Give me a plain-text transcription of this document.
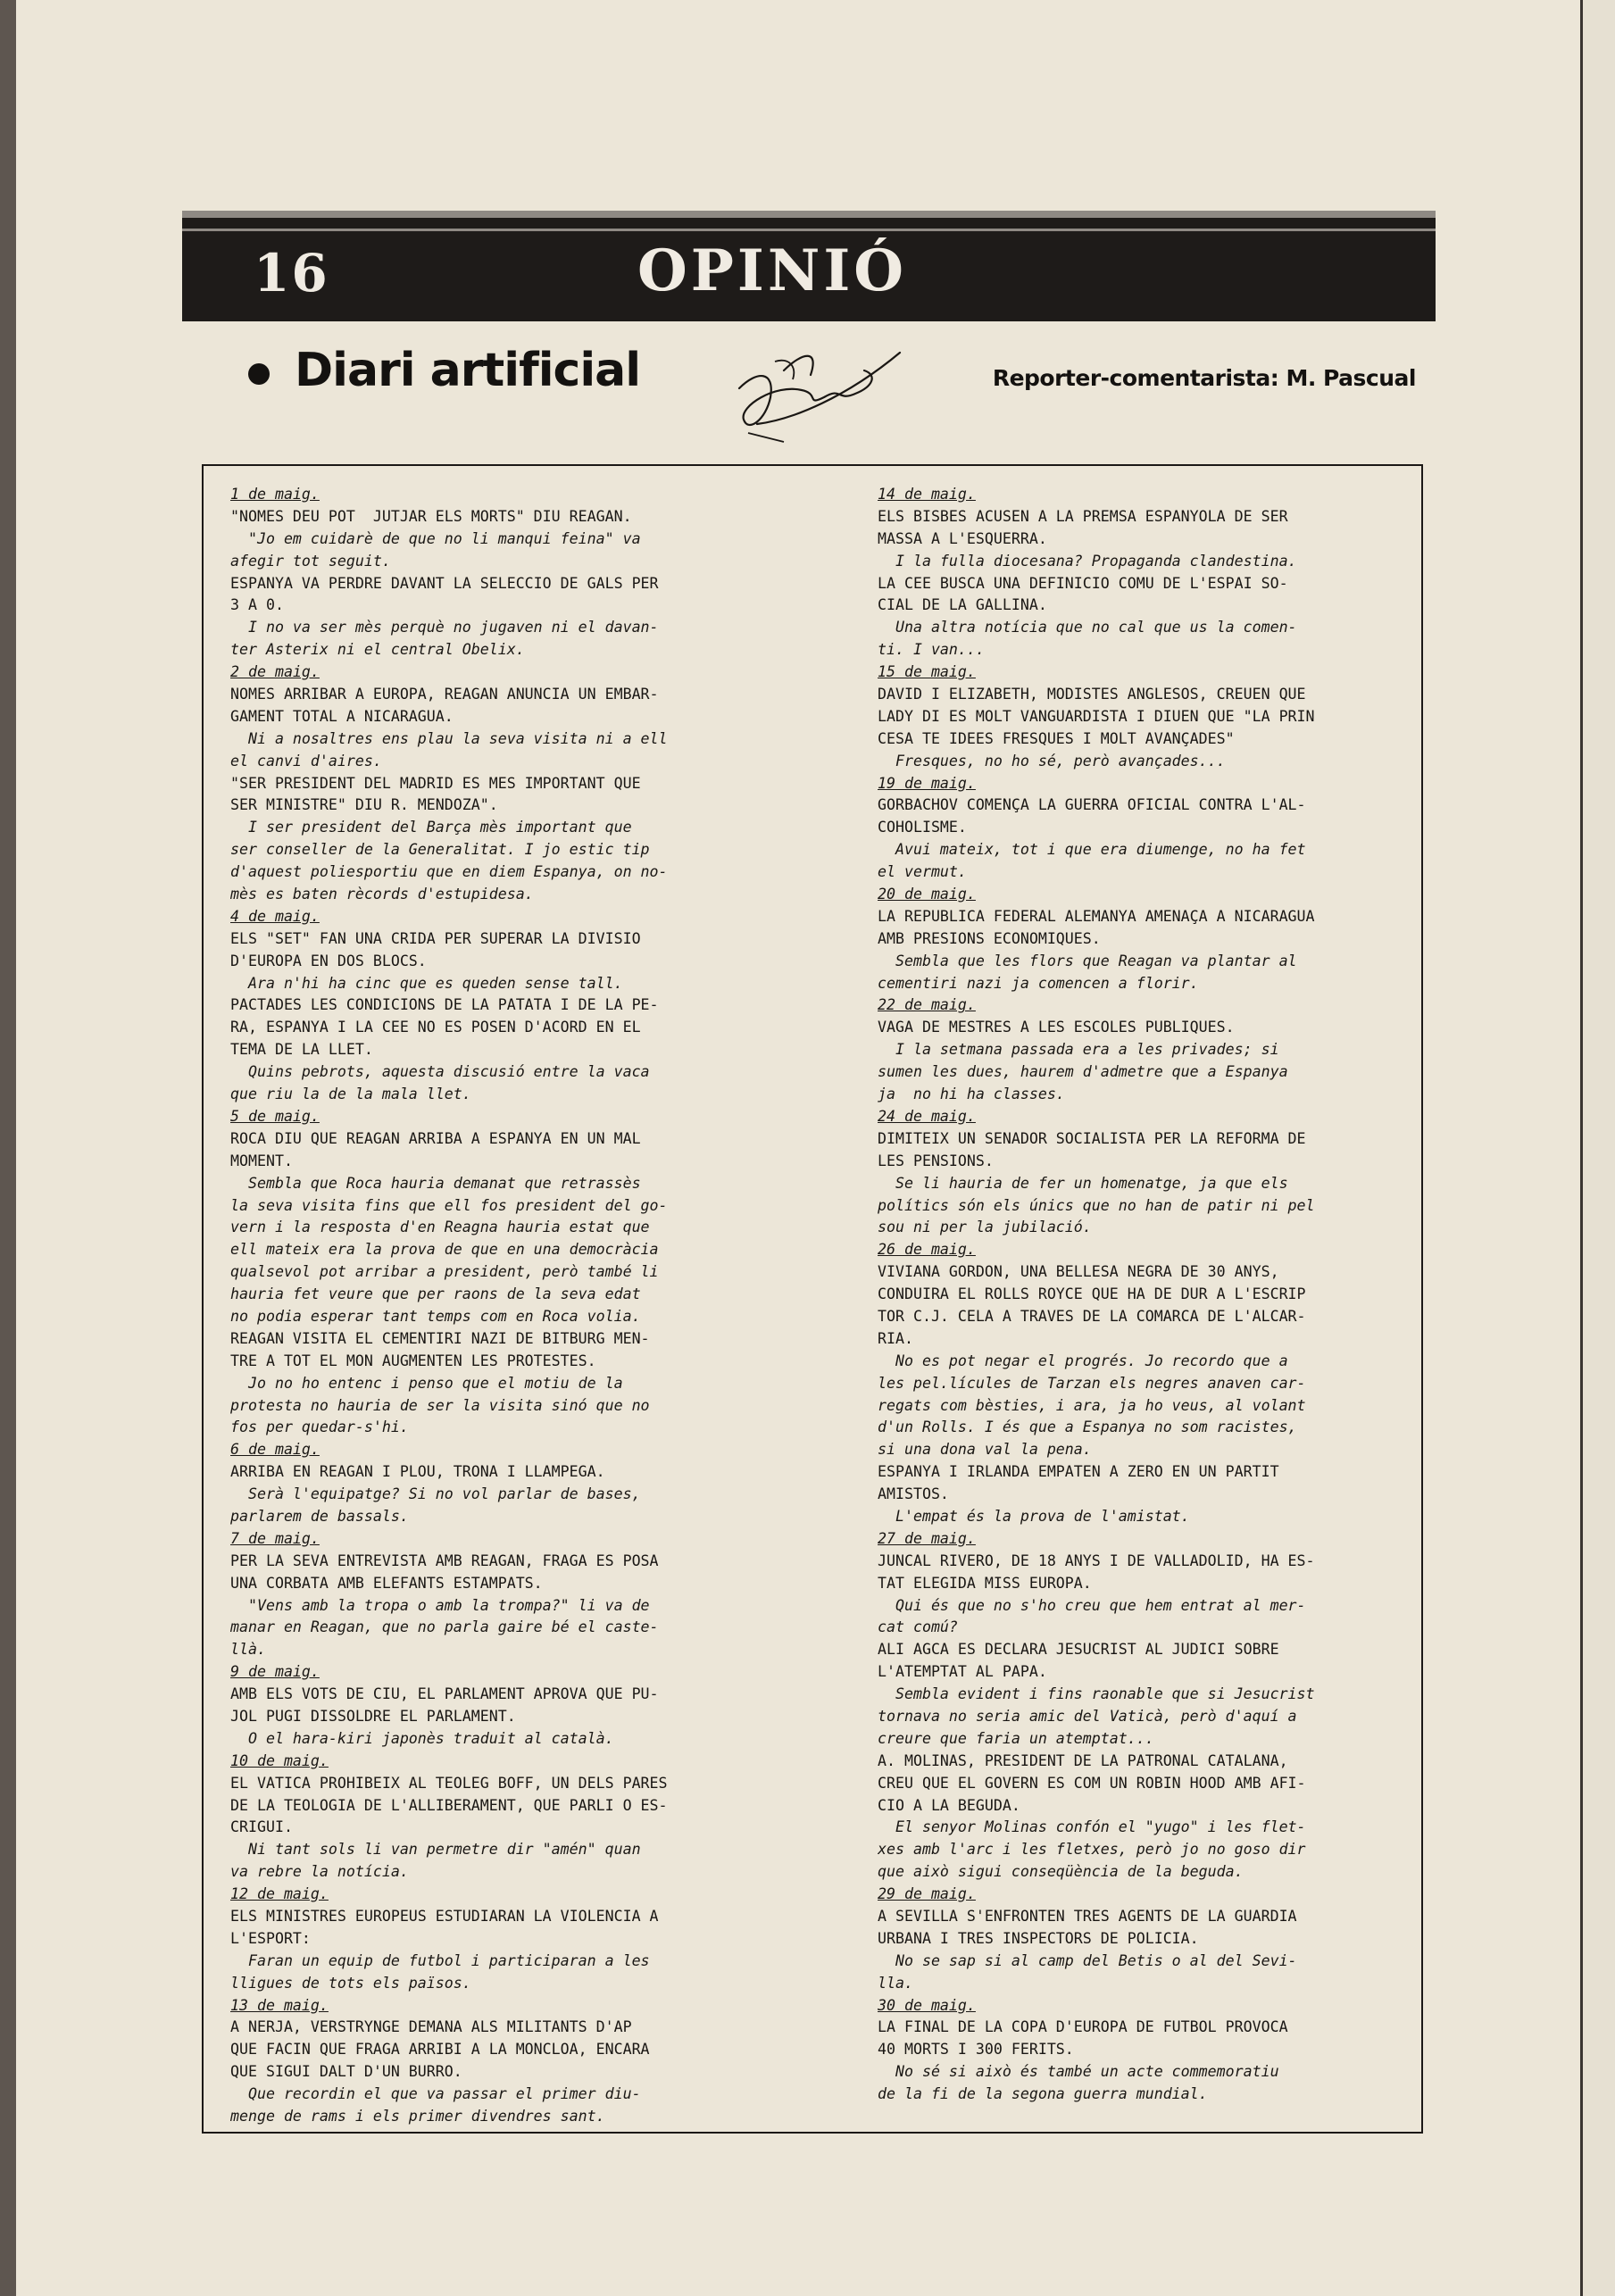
16	OPINIÓ
Diari artificial	Reporter-comentarista: M. Pascual
1 de maig.
"NOMES DEU POT  JUTJAR ELS MORTS" DIU REAGAN.
"Jo em cuidarè de que no li manqui feina" va
afegir tot seguit.
ESPANYA VA PERDRE DAVANT LA SELECCIO DE GALS PER
3 A 0.
I no va ser mès perquè no jugaven ni el davan-
ter Asterix ni el central Obelix.
2 de maig.
NOMES ARRIBAR A EUROPA, REAGAN ANUNCIA UN EMBAR-
GAMENT TOTAL A NICARAGUA.
Ni a nosaltres ens plau la seva visita ni a ell
el canvi d'aires.
"SER PRESIDENT DEL MADRID ES MES IMPORTANT QUE
SER MINISTRE" DIU R. MENDOZA".
I ser president del Barça mès important que
ser conseller de la Generalitat. I jo estic tip
d'aquest poliesportiu que en diem Espanya, on no-
mès es baten rècords d'estupidesa.
4 de maig.
ELS "SET" FAN UNA CRIDA PER SUPERAR LA DIVISIO
D'EUROPA EN DOS BLOCS.
Ara n'hi ha cinc que es queden sense tall.
PACTADES LES CONDICIONS DE LA PATATA I DE LA PE-
RA, ESPANYA I LA CEE NO ES POSEN D'ACORD EN EL
TEMA DE LA LLET.
Quins pebrots, aquesta discusió entre la vaca
que riu la de la mala llet.
5 de maig.
ROCA DIU QUE REAGAN ARRIBA A ESPANYA EN UN MAL
MOMENT.
Sembla que Roca hauria demanat que retrassès
la seva visita fins que ell fos president del go-
vern i la resposta d'en Reagna hauria estat que
ell mateix era la prova de que en una democràcia
qualsevol pot arribar a president, però també li
hauria fet veure que per raons de la seva edat
no podia esperar tant temps com en Roca volia.
REAGAN VISITA EL CEMENTIRI NAZI DE BITBURG MEN-
TRE A TOT EL MON AUGMENTEN LES PROTESTES.
Jo no ho entenc i penso que el motiu de la
protesta no hauria de ser la visita sinó que no
fos per quedar-s'hi.
6 de maig.
ARRIBA EN REAGAN I PLOU, TRONA I LLAMPEGA.
Serà l'equipatge? Si no vol parlar de bases,
parlarem de bassals.
7 de maig.
PER LA SEVA ENTREVISTA AMB REAGAN, FRAGA ES POSA
UNA CORBATA AMB ELEFANTS ESTAMPATS.
"Vens amb la tropa o amb la trompa?" li va de
manar en Reagan, que no parla gaire bé el caste-
llà.
9 de maig.
AMB ELS VOTS DE CIU, EL PARLAMENT APROVA QUE PU-
JOL PUGI DISSOLDRE EL PARLAMENT.
O el hara-kiri japonès traduit al català.
10 de maig.
EL VATICA PROHIBEIX AL TEOLEG BOFF, UN DELS PARES
DE LA TEOLOGIA DE L'ALLIBERAMENT, QUE PARLI O ES-
CRIGUI.
Ni tant sols li van permetre dir "amén" quan
va rebre la notícia.
12 de maig.
ELS MINISTRES EUROPEUS ESTUDIARAN LA VIOLENCIA A
L'ESPORT:
Faran un equip de futbol i participaran a les
lligues de tots els països.
13 de maig.
A NERJA, VERSTRYNGE DEMANA ALS MILITANTS D'AP
QUE FACIN QUE FRAGA ARRIBI A LA MONCLOA, ENCARA
QUE SIGUI DALT D'UN BURRO.
Que recordin el que va passar el primer diu-
menge de rams i els primer divendres sant.
14 de maig.
ELS BISBES ACUSEN A LA PREMSA ESPANYOLA DE SER
MASSA A L'ESQUERRA.
I la fulla diocesana? Propaganda clandestina.
LA CEE BUSCA UNA DEFINICIO COMU DE L'ESPAI SO-
CIAL DE LA GALLINA.
Una altra notícia que no cal que us la comen-
ti. I van...
15 de maig.
DAVID I ELIZABETH, MODISTES ANGLESOS, CREUEN QUE
LADY DI ES MOLT VANGUARDISTA I DIUEN QUE "LA PRIN
CESA TE IDEES FRESQUES I MOLT AVANÇADES"
Fresques, no ho sé, però avançades...
19 de maig.
GORBACHOV COMENÇA LA GUERRA OFICIAL CONTRA L'AL-
COHOLISME.
Avui mateix, tot i que era diumenge, no ha fet
el vermut.
20 de maig.
LA REPUBLICA FEDERAL ALEMANYA AMENAÇA A NICARAGUA
AMB PRESIONS ECONOMIQUES.
Sembla que les flors que Reagan va plantar al
cementiri nazi ja comencen a florir.
22 de maig.
VAGA DE MESTRES A LES ESCOLES PUBLIQUES.
I la setmana passada era a les privades; si
sumen les dues, haurem d'admetre que a Espanya
ja  no hi ha classes.
24 de maig.
DIMITEIX UN SENADOR SOCIALISTA PER LA REFORMA DE
LES PENSIONS.
Se li hauria de fer un homenatge, ja que els
polítics són els únics que no han de patir ni pel
sou ni per la jubilació.
26 de maig.
VIVIANA GORDON, UNA BELLESA NEGRA DE 30 ANYS,
CONDUIRA EL ROLLS ROYCE QUE HA DE DUR A L'ESCRIP
TOR C.J. CELA A TRAVES DE LA COMARCA DE L'ALCAR-
RIA.
No es pot negar el progrés. Jo recordo que a
les pel.lícules de Tarzan els negres anaven car-
regats com bèsties, i ara, ja ho veus, al volant
d'un Rolls. I és que a Espanya no som racistes,
si una dona val la pena.
ESPANYA I IRLANDA EMPATEN A ZERO EN UN PARTIT
AMISTOS.
L'empat és la prova de l'amistat.
27 de maig.
JUNCAL RIVERO, DE 18 ANYS I DE VALLADOLID, HA ES-
TAT ELEGIDA MISS EUROPA.
Qui és que no s'ho creu que hem entrat al mer-
cat comú?
ALI AGCA ES DECLARA JESUCRIST AL JUDICI SOBRE
L'ATEMPTAT AL PAPA.
Sembla evident i fins raonable que si Jesucrist
tornava no seria amic del Vaticà, però d'aquí a
creure que faria un atemptat...
A. MOLINAS, PRESIDENT DE LA PATRONAL CATALANA,
CREU QUE EL GOVERN ES COM UN ROBIN HOOD AMB AFI-
CIO A LA BEGUDA.
El senyor Molinas confón el "yugo" i les flet-
xes amb l'arc i les fletxes, però jo no goso dir
que això sigui conseqüència de la beguda.
29 de maig.
A SEVILLA S'ENFRONTEN TRES AGENTS DE LA GUARDIA
URBANA I TRES INSPECTORS DE POLICIA.
No se sap si al camp del Betis o al del Sevi-
lla.
30 de maig.
LA FINAL DE LA COPA D'EUROPA DE FUTBOL PROVOCA
40 MORTS I 300 FERITS.
No sé si això és també un acte commemoratiu
de la fi de la segona guerra mundial.
